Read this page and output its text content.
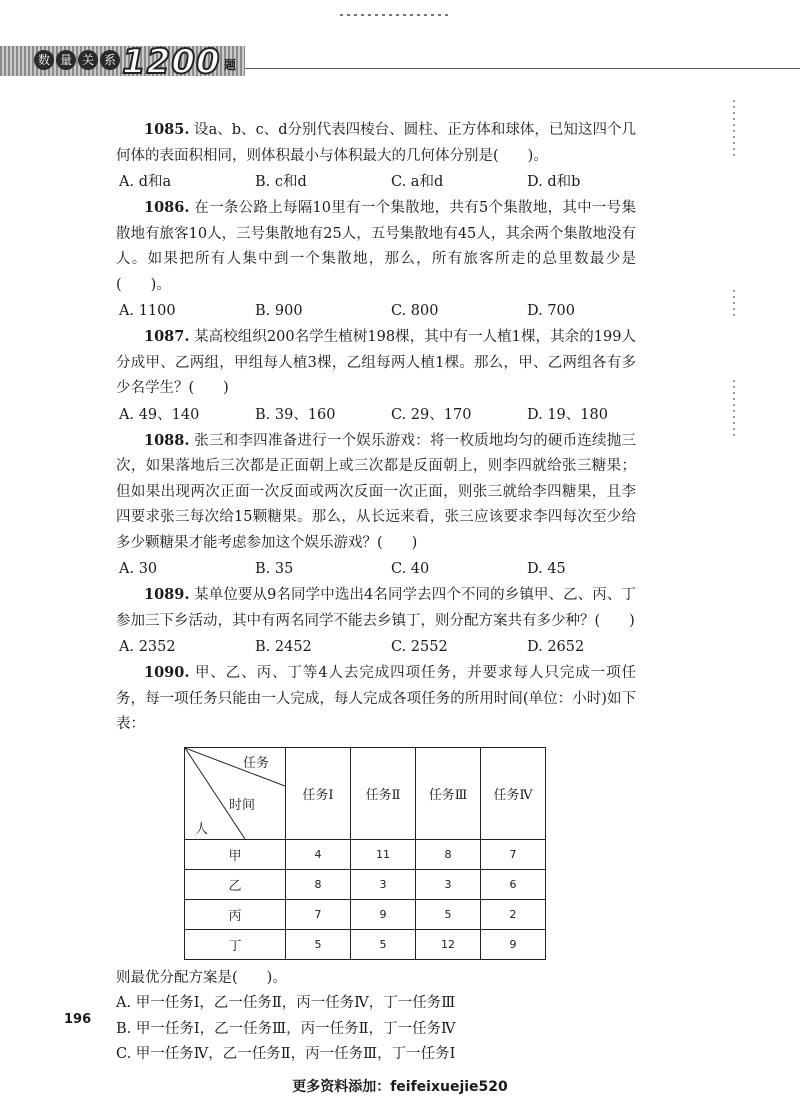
数 量 关 系 1200 题

1085. 设a、b、c、d分别代表四棱台、圆柱、正方体和球体，已知这四个几何体的表面积相同，则体积最小与体积最大的几何体分别是(　　)。

A. d和a	B. c和d	C. a和d	D. d和b

1086. 在一条公路上每隔10里有一个集散地，共有5个集散地，其中一号集散地有旅客10人，三号集散地有25人，五号集散地有45人，其余两个集散地没有人。如果把所有人集中到一个集散地，那么，所有旅客所走的总里数最少是(　　)。

A. 1100	B. 900	C. 800	D. 700

1087. 某高校组织200名学生植树198棵，其中有一人植1棵，其余的199人分成甲、乙两组，甲组每人植3棵，乙组每两人植1棵。那么，甲、乙两组各有多少名学生？(　　)

A. 49、140	B. 39、160	C. 29、170	D. 19、180

1088. 张三和李四准备进行一个娱乐游戏：将一枚质地均匀的硬币连续抛三次，如果落地后三次都是正面朝上或三次都是反面朝上，则李四就给张三糖果；但如果出现两次正面一次反面或两次反面一次正面，则张三就给李四糖果，且李四要求张三每次给15颗糖果。那么，从长远来看，张三应该要求李四每次至少给多少颗糖果才能考虑参加这个娱乐游戏？(　　)

A. 30	B. 35	C. 40	D. 45

1089. 某单位要从9名同学中选出4名同学去四个不同的乡镇甲、乙、丙、丁参加三下乡活动，其中有两名同学不能去乡镇丁，则分配方案共有多少种？(　　)

A. 2352	B. 2452	C. 2552	D. 2652

1090. 甲、乙、丙、丁等4人去完成四项任务，并要求每人只完成一项任务，每一项任务只能由一人完成，每人完成各项任务的所用时间(单位：小时)如下表：

任务
时间
人	任务Ⅰ	任务Ⅱ	任务Ⅲ	任务Ⅳ
甲	4	11	8	7
乙	8	3	3	6
丙	7	9	5	2
丁	5	5	12	9

则最优分配方案是(　　)。

A. 甲一任务Ⅰ，乙一任务Ⅱ，丙一任务Ⅳ，丁一任务Ⅲ

B. 甲一任务Ⅰ，乙一任务Ⅲ，丙一任务Ⅱ，丁一任务Ⅳ

C. 甲一任务Ⅳ，乙一任务Ⅱ，丙一任务Ⅲ，丁一任务Ⅰ

196
更多资料添加：feifeixuejie520
